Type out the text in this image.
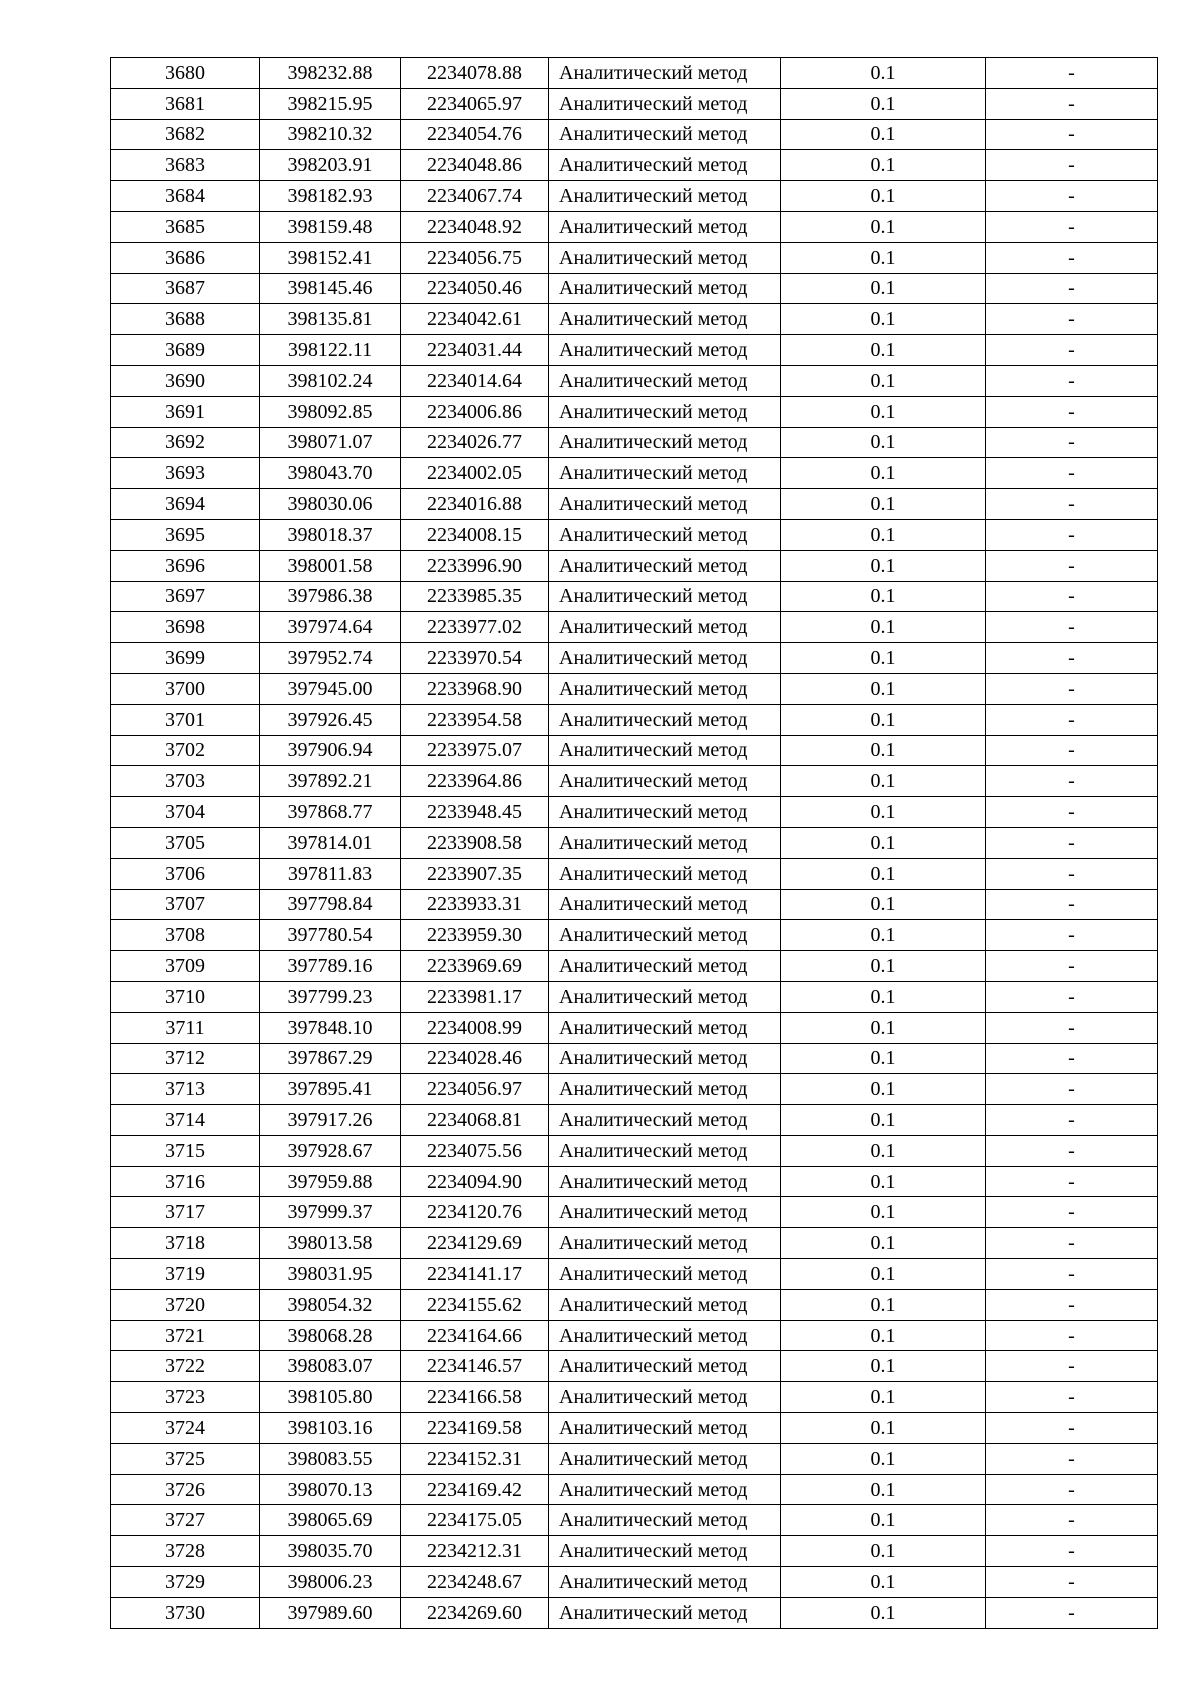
3680	398232.88	2234078.88	Аналитический метод	0.1	-
3681	398215.95	2234065.97	Аналитический метод	0.1	-
3682	398210.32	2234054.76	Аналитический метод	0.1	-
3683	398203.91	2234048.86	Аналитический метод	0.1	-
3684	398182.93	2234067.74	Аналитический метод	0.1	-
3685	398159.48	2234048.92	Аналитический метод	0.1	-
3686	398152.41	2234056.75	Аналитический метод	0.1	-
3687	398145.46	2234050.46	Аналитический метод	0.1	-
3688	398135.81	2234042.61	Аналитический метод	0.1	-
3689	398122.11	2234031.44	Аналитический метод	0.1	-
3690	398102.24	2234014.64	Аналитический метод	0.1	-
3691	398092.85	2234006.86	Аналитический метод	0.1	-
3692	398071.07	2234026.77	Аналитический метод	0.1	-
3693	398043.70	2234002.05	Аналитический метод	0.1	-
3694	398030.06	2234016.88	Аналитический метод	0.1	-
3695	398018.37	2234008.15	Аналитический метод	0.1	-
3696	398001.58	2233996.90	Аналитический метод	0.1	-
3697	397986.38	2233985.35	Аналитический метод	0.1	-
3698	397974.64	2233977.02	Аналитический метод	0.1	-
3699	397952.74	2233970.54	Аналитический метод	0.1	-
3700	397945.00	2233968.90	Аналитический метод	0.1	-
3701	397926.45	2233954.58	Аналитический метод	0.1	-
3702	397906.94	2233975.07	Аналитический метод	0.1	-
3703	397892.21	2233964.86	Аналитический метод	0.1	-
3704	397868.77	2233948.45	Аналитический метод	0.1	-
3705	397814.01	2233908.58	Аналитический метод	0.1	-
3706	397811.83	2233907.35	Аналитический метод	0.1	-
3707	397798.84	2233933.31	Аналитический метод	0.1	-
3708	397780.54	2233959.30	Аналитический метод	0.1	-
3709	397789.16	2233969.69	Аналитический метод	0.1	-
3710	397799.23	2233981.17	Аналитический метод	0.1	-
3711	397848.10	2234008.99	Аналитический метод	0.1	-
3712	397867.29	2234028.46	Аналитический метод	0.1	-
3713	397895.41	2234056.97	Аналитический метод	0.1	-
3714	397917.26	2234068.81	Аналитический метод	0.1	-
3715	397928.67	2234075.56	Аналитический метод	0.1	-
3716	397959.88	2234094.90	Аналитический метод	0.1	-
3717	397999.37	2234120.76	Аналитический метод	0.1	-
3718	398013.58	2234129.69	Аналитический метод	0.1	-
3719	398031.95	2234141.17	Аналитический метод	0.1	-
3720	398054.32	2234155.62	Аналитический метод	0.1	-
3721	398068.28	2234164.66	Аналитический метод	0.1	-
3722	398083.07	2234146.57	Аналитический метод	0.1	-
3723	398105.80	2234166.58	Аналитический метод	0.1	-
3724	398103.16	2234169.58	Аналитический метод	0.1	-
3725	398083.55	2234152.31	Аналитический метод	0.1	-
3726	398070.13	2234169.42	Аналитический метод	0.1	-
3727	398065.69	2234175.05	Аналитический метод	0.1	-
3728	398035.70	2234212.31	Аналитический метод	0.1	-
3729	398006.23	2234248.67	Аналитический метод	0.1	-
3730	397989.60	2234269.60	Аналитический метод	0.1	-
